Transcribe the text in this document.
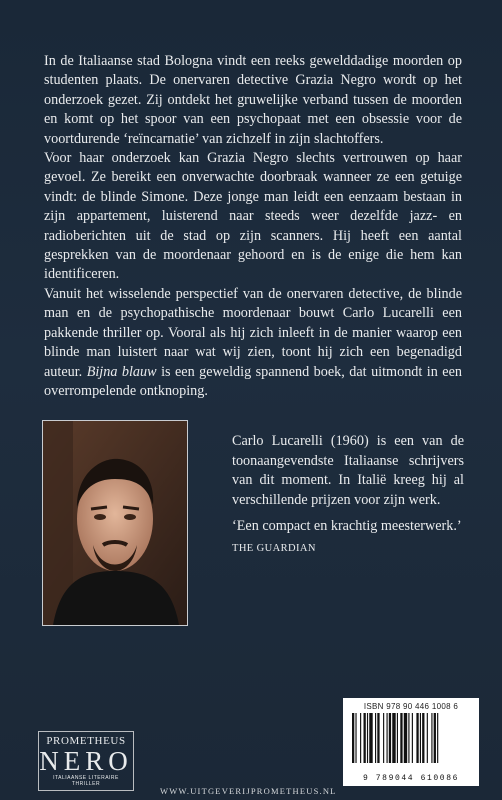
In de Italiaanse stad Bologna vindt een reeks gewelddadige moorden op studenten plaats. De onervaren detective Grazia Negro wordt op het onderzoek gezet. Zij ontdekt het gruwelijke verband tussen de moorden en komt op het spoor van een psychopaat met een obsessie voor de voortdurende ‘reïncarnatie’ van zichzelf in zijn slachtoffers.

Voor haar onderzoek kan Grazia Negro slechts vertrouwen op haar gevoel. Ze bereikt een onverwachte doorbraak wanneer ze een getuige vindt: de blinde Simone. Deze jonge man leidt een eenzaam bestaan in zijn appartement, luisterend naar steeds weer dezelfde jazz- en radioberichten uit de stad op zijn scanners. Hij heeft een aantal gesprekken van de moordenaar gehoord en is de enige die hem kan identificeren.

Vanuit het wisselende perspectief van de onervaren detective, de blinde man en de psychopathische moordenaar bouwt Carlo Lucarelli een pakkende thriller op. Vooral als hij zich inleeft in de manier waarop een blinde man luistert naar wat wij zien, toont hij zich een begenadigd auteur. Bijna blauw is een geweldig spannend boek, dat uitmondt in een overrompelende ontknoping.

Carlo Lucarelli (1960) is een van de toonaangevendste Italiaanse schrijvers van dit moment. In Italië kreeg hij al verschillende prijzen voor zijn werk.
‘Een compact en krachtig meesterwerk.’
THE GUARDIAN
PROMETHEUS
NERO
ITALIAANSE LITERAIRE THRILLER
WWW.UITGEVERIJPROMETHEUS.NL
ISBN 978 90 446 1008 6
9 789044 610086
